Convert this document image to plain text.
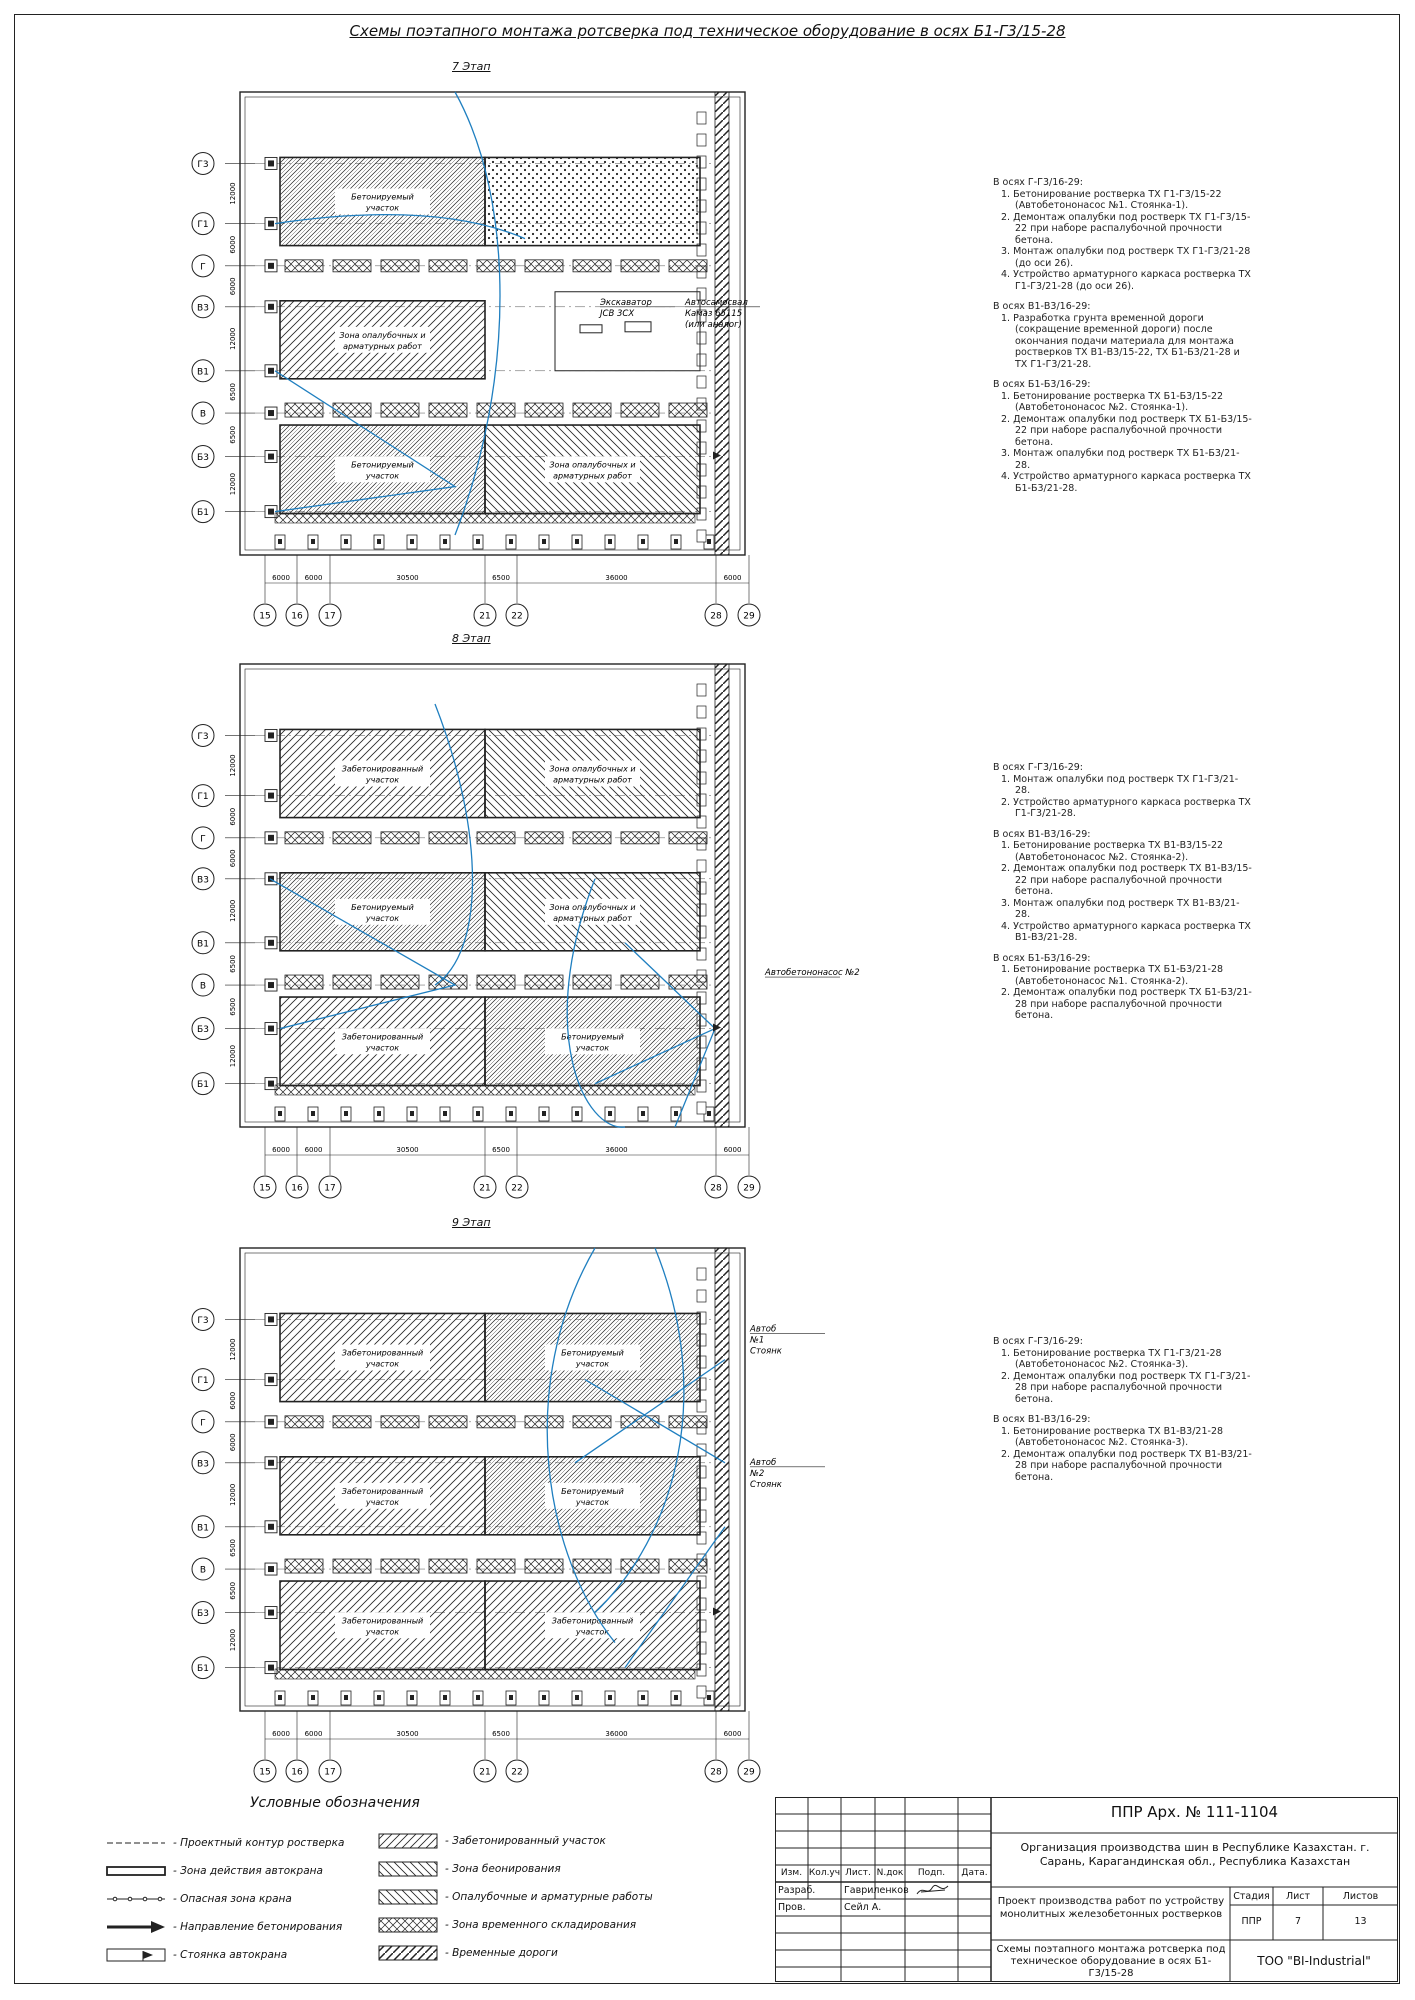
Схемы поэтапного монтажа ротсверка под техническое оборудование в осях Б1-Г3/15-28
7 Этап
Г3
Г1
Г
В3
В1
В
Б3
Б1
12000
6000
6000
12000
6500
6500
12000
15 16 17	21 22	28 29
6000 6000	30500	6500	36000	6000
Бетонируемый
участок
Зона опалубочных и
арматурных работ
Бетонируемый
участок
Зона опалубочных и
арматурных работ
Экскаватор
JCB 3CX
Автосамосвал
Камаз 65115
(или аналог)
8 Этап
Г3
Г1
Г
В3
В1
В
Б3
Б1
12000
6000
6000
12000
6500
6500
12000
15 16 17	21 22	28 29
6000 6000	30500	6500	36000	6000
Забетонированный
участок
Зона опалубочных и
арматурных работ
Бетонируемый
участок
Зона опалубочных и
арматурных работ
Забетонированный
участок
Бетонируемый
участок
Автобетононасос №2
9 Этап
Г3
Г1
Г
В3
В1
В
Б3
Б1
12000
6000
6000
12000
6500
6500
12000
15 16 17	21 22	28 29
6000 6000	30500	6500	36000	6000
Забетонированный
участок
Бетонируемый
участок
Забетонированный
участок
Бетонируемый
участок
Забетонированный
участок
Забетонированный
участок
Автоб
№1
Стоянк
Автоб
№2
Стоянк
В осях Г-Г3/16-29:
1. Бетонирование ростверка ТХ Г1-Г3/15-22 (Автобетононасос №1. Стоянка-1).
2. Демонтаж опалубки под ростверк ТХ Г1-Г3/15-22 при наборе распалубочной прочности бетона.
3. Монтаж опалубки под ростверк ТХ Г1-Г3/21-28 (до оси 26).
4. Устройство арматурного каркаса ростверка ТХ Г1-Г3/21-28 (до оси 26).
В осях В1-В3/16-29:
1. Разработка грунта временной дороги (сокращение временной дороги) после окончания подачи материала для монтажа ростверков ТХ В1-В3/15-22, ТХ Б1-Б3/21-28 и ТХ Г1-Г3/21-28.
В осях Б1-Б3/16-29:
1. Бетонирование ростверка ТХ Б1-Б3/15-22 (Автобетононасос №2. Стоянка-1).
2. Демонтаж опалубки под ростверк ТХ Б1-Б3/15-22 при наборе распалубочной прочности бетона.
3. Монтаж опалубки под ростверк ТХ Б1-Б3/21-28.
4. Устройство арматурного каркаса ростверка ТХ Б1-Б3/21-28.
В осях Г-Г3/16-29:
1. Монтаж опалубки под ростверк ТХ Г1-Г3/21-28.
2. Устройство арматурного каркаса ростверка ТХ Г1-Г3/21-28.
В осях В1-В3/16-29:
1. Бетонирование ростверка ТХ В1-В3/15-22 (Автобетононасос №2. Стоянка-2).
2. Демонтаж опалубки под ростверк ТХ В1-В3/15-22 при наборе распалубочной прочности бетона.
3. Монтаж опалубки под ростверк ТХ В1-В3/21-28.
4. Устройство арматурного каркаса ростверка ТХ В1-В3/21-28.
В осях Б1-Б3/16-29:
1. Бетонирование ростверка ТХ Б1-Б3/21-28 (Автобетононасос №1. Стоянка-2).
2. Демонтаж опалубки под ростверк ТХ Б1-Б3/21-28 при наборе распалубочной прочности бетона.
В осях Г-Г3/16-29:
1. Бетонирование ростверка ТХ Г1-Г3/21-28 (Автобетононасос №2. Стоянка-3).
2. Демонтаж опалубки под ростверк ТХ Г1-Г3/21-28 при наборе распалубочной прочности бетона.
В осях В1-В3/16-29:
1. Бетонирование ростверка ТХ В1-В3/21-28 (Автобетононасос №2. Стоянка-3).
2. Демонтаж опалубки под ростверк ТХ В1-В3/21-28 при наборе распалубочной прочности бетона.
Условные обозначения
- Проектный контур ростверка
- Зона действия автокрана
- Опасная зона крана
- Направление бетонирования
- Стоянка автокрана
- Забетонированный участок
- Зона беонирования
- Опалубочные и арматурные работы
- Зона временного складирования
- Временные дороги
ППР Арх. № 111-1104
Организация производства шин в Республике Казахстан. г. Сарань, Карагандинская обл., Республика Казахстан
Изм. Кол.уч Лист. N.док	Подп.	Дата.
Разраб.	Гавриленков
Пров.	Сейл А.
Проект производства работ по устройству монолитных железобетонных ростверков
Стадия	Лист	Листов
ППР	7	13
Схемы поэтапного монтажа ротсверка под техническое оборудование в осях Б1-Г3/15-28
ТОО "BI-Industrial"
